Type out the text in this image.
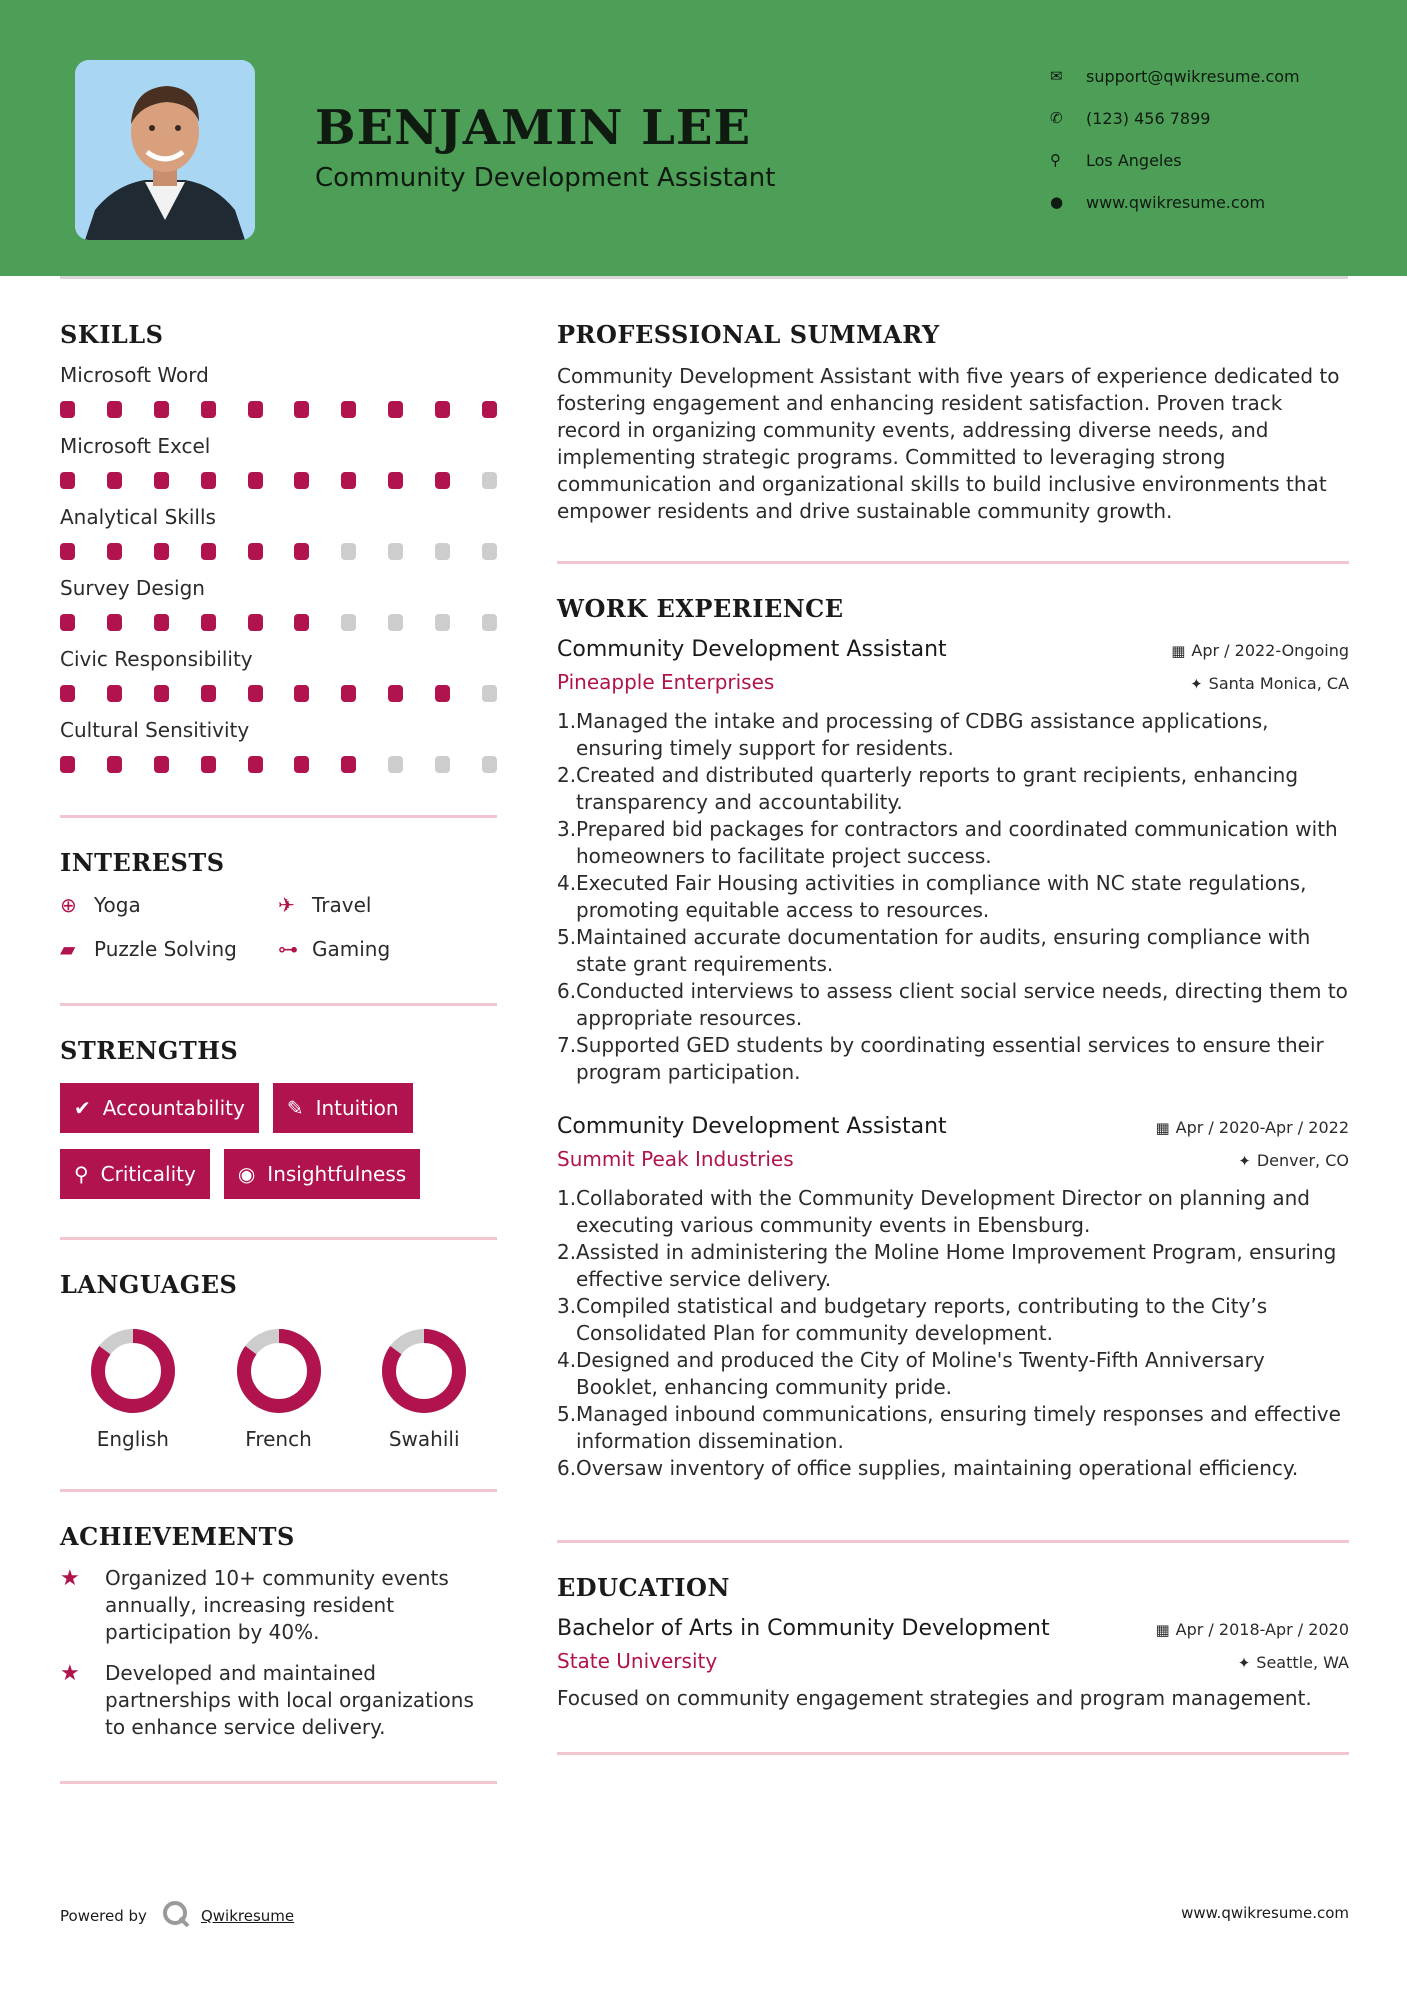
BENJAMIN LEE
Community Development Assistant
✉	support@qwikresume.com
✆	(123) 456 7899
⚲	Los Angeles
●	www.qwikresume.com
SKILLS
Microsoft Word
Microsoft Excel
Analytical Skills
Survey Design
Civic Responsibility
Cultural Sensitivity
INTERESTS
⊕ Yoga	✈ Travel
▰ Puzzle Solving ⊶ Gaming
STRENGTHS
✔ Accountability ✎ Intuition
⚲ Criticality ◉ Insightfulness
LANGUAGES
English	French	Swahili
ACHIEVEMENTS
★	Organized 10+ community events annually, increasing resident participation by 40%.
★	Developed and maintained partnerships with local organizations to enhance service delivery.
PROFESSIONAL SUMMARY
Community Development Assistant with five years of experience dedicated to fostering engagement and enhancing resident satisfaction. Proven track record in organizing community events, addressing diverse needs, and implementing strategic programs. Committed to leveraging strong communication and organizational skills to build inclusive environments that empower residents and drive sustainable community growth.
WORK EXPERIENCE
Community Development Assistant	▦ Apr / 2022-Ongoing
Pineapple Enterprises	✦ Santa Monica, CA
1. Managed the intake and processing of CDBG assistance applications, ensuring timely support for residents.
2. Created and distributed quarterly reports to grant recipients, enhancing transparency and accountability.
3. Prepared bid packages for contractors and coordinated communication with homeowners to facilitate project success.
4. Executed Fair Housing activities in compliance with NC state regulations, promoting equitable access to resources.
5. Maintained accurate documentation for audits, ensuring compliance with state grant requirements.
6. Conducted interviews to assess client social service needs, directing them to appropriate resources.
7. Supported GED students by coordinating essential services to ensure their program participation.
Community Development Assistant	▦ Apr / 2020-Apr / 2022
Summit Peak Industries	✦ Denver, CO
1. Collaborated with the Community Development Director on planning and executing various community events in Ebensburg.
2. Assisted in administering the Moline Home Improvement Program, ensuring effective service delivery.
3. Compiled statistical and budgetary reports, contributing to the City’s Consolidated Plan for community development.
4. Designed and produced the City of Moline's Twenty-Fifth Anniversary Booklet, enhancing community pride.
5. Managed inbound communications, ensuring timely responses and effective information dissemination.
6. Oversaw inventory of office supplies, maintaining operational efficiency.
EDUCATION
Bachelor of Arts in Community Development	▦ Apr / 2018-Apr / 2020
State University	✦ Seattle, WA
Focused on community engagement strategies and program management.
Powered by	Qwikresume	www.qwikresume.com
